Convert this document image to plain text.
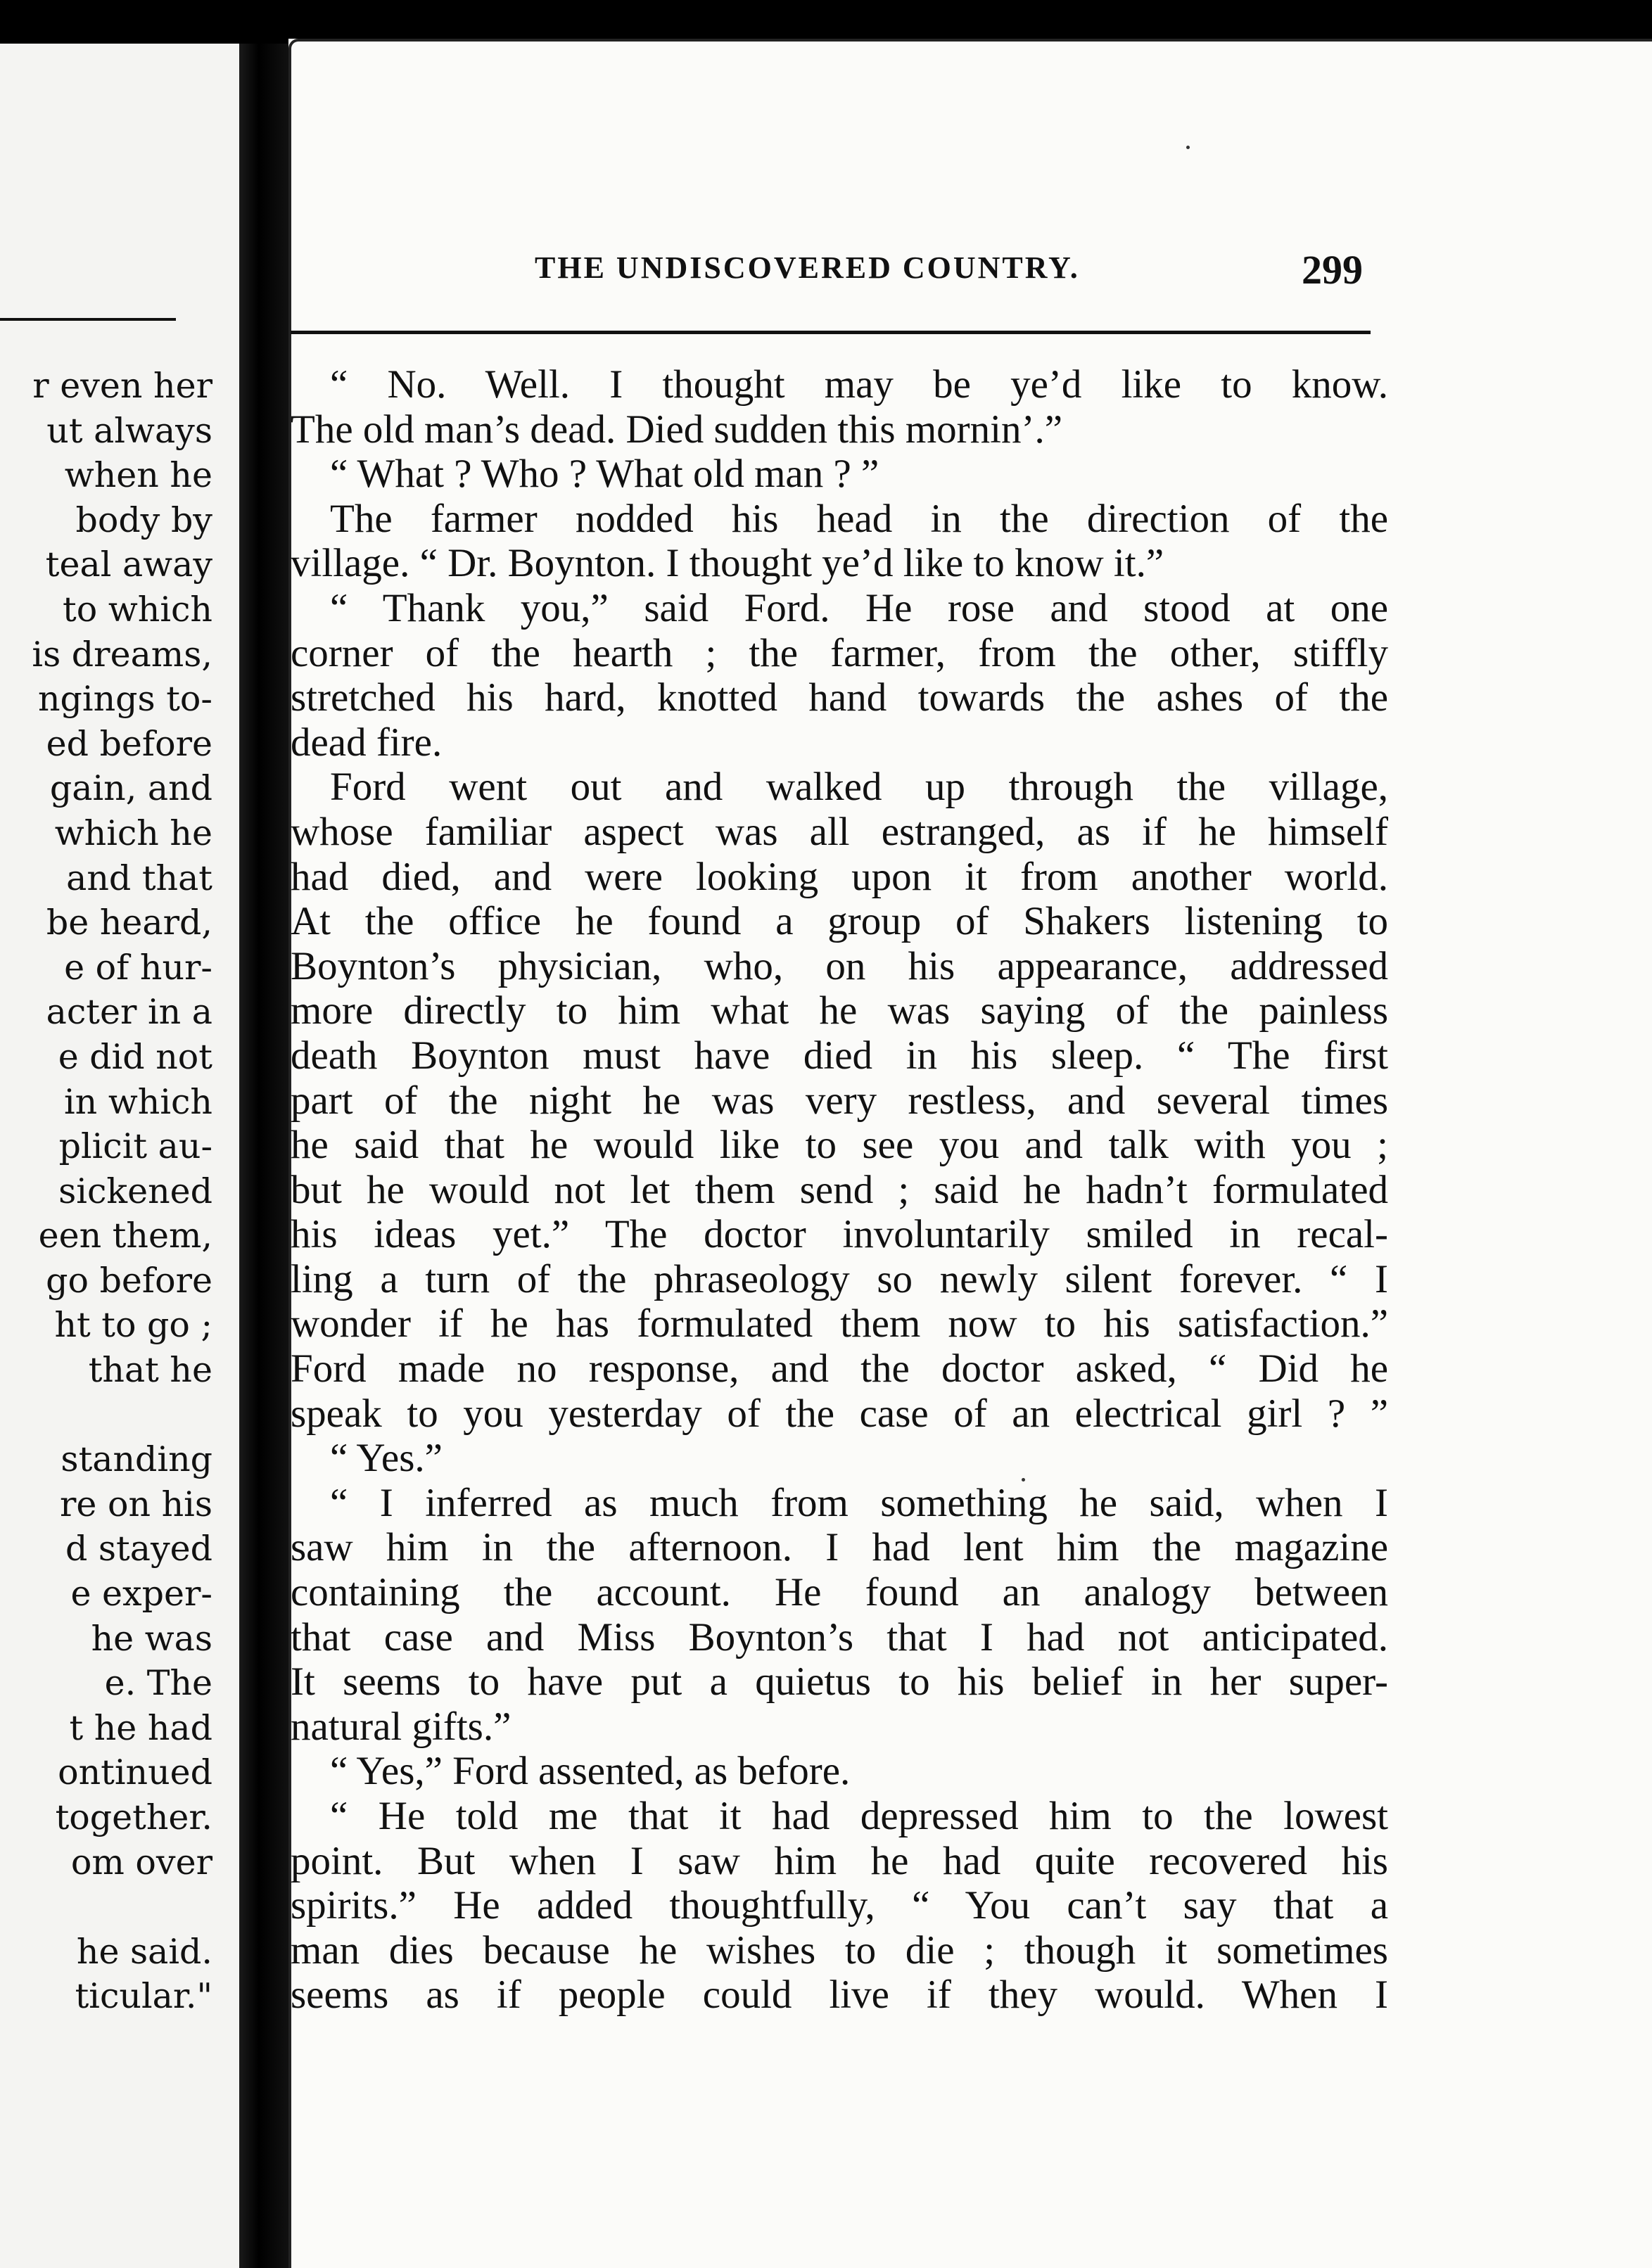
r even her
ut always
when he
body by
teal away
to which
is dreams,
ngings to-
ed before
gain, and
which he
and that
be heard,
e of hur-
acter in a
e did not
in which
plicit au-
sickened
een them,
go before
ht to go ;
that he
standing
re on his
d stayed
e exper-
he was
e. The
t he had
ontinued
together.
om over
he said.
ticular."
THE UNDISCOVERED COUNTRY.	299
“ No. Well. I thought may be ye’d like to know.
The old man’s dead. Died sudden this mornin’.”
“ What ? Who ? What old man ? ”
The farmer nodded his head in the direction of the
village. “ Dr. Boynton. I thought ye’d like to know it.”
“ Thank you,” said Ford. He rose and stood at one
corner of the hearth ; the farmer, from the other, stiffly
stretched his hard, knotted hand towards the ashes of the
dead fire.
Ford went out and walked up through the village,
whose familiar aspect was all estranged, as if he himself
had died, and were looking upon it from another world.
At the office he found a group of Shakers listening to
Boynton’s physician, who, on his appearance, addressed
more directly to him what he was saying of the painless
death Boynton must have died in his sleep. “ The first
part of the night he was very restless, and several times
he said that he would like to see you and talk with you ;
but he would not let them send ; said he hadn’t formulated
his ideas yet.” The doctor involuntarily smiled in recal-
ling a turn of the phraseology so newly silent forever. “ I
wonder if he has formulated them now to his satisfaction.”
Ford made no response, and the doctor asked, “ Did he
speak to you yesterday of the case of an electrical girl ? ”
“ Yes.”
“ I inferred as much from something he said, when I
saw him in the afternoon. I had lent him the magazine
containing the account. He found an analogy between
that case and Miss Boynton’s that I had not anticipated.
It seems to have put a quietus to his belief in her super-
natural gifts.”
“ Yes,” Ford assented, as before.
“ He told me that it had depressed him to the lowest
point. But when I saw him he had quite recovered his
spirits.” He added thoughtfully, “ You can’t say that a
man dies because he wishes to die ; though it sometimes
seems as if people could live if they would. When I
